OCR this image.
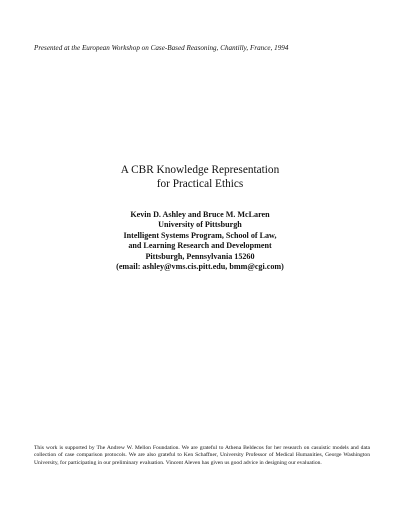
Presented at the European Workshop on Case-Based Reasoning, Chantilly, France, 1994
A CBR Knowledge Representation
for Practical Ethics
Kevin D. Ashley and Bruce M. McLaren
University of Pittsburgh
Intelligent Systems Program, School of Law,
and Learning Research and Development
Pittsburgh, Pennsylvania 15260
(email: ashley@vms.cis.pitt.edu, bmm@cgi.com)
This work is supported by The Andrew W. Mellon Foundation. We are grateful to Athena Beldecos for her research on casuistic models and data collection of case comparison protocols. We are also grateful to Ken Schaffner, University Professor of Medical Humanities, George Washington University, for participating in our preliminary evaluation. Vincent Aleven has given us good advice in designing our evaluation.
